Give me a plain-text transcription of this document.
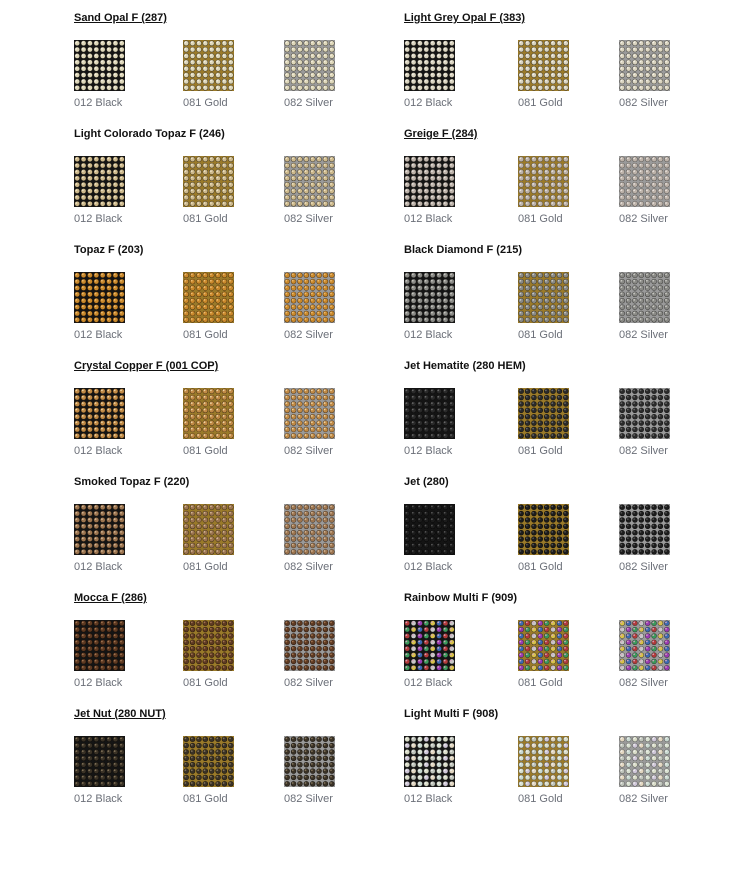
Sand Opal F (287)
012 Black	081 Gold	082 Silver
Light Grey Opal F (383)
012 Black	081 Gold	082 Silver
Light Colorado Topaz F (246)
012 Black	081 Gold	082 Silver
Greige F (284)
012 Black	081 Gold	082 Silver
Topaz F (203)
012 Black	081 Gold	082 Silver
Black Diamond F (215)
012 Black	081 Gold	082 Silver
Crystal Copper F (001 COP)
012 Black	081 Gold	082 Silver
Jet Hematite (280 HEM)
012 Black	081 Gold	082 Silver
Smoked Topaz F (220)
012 Black	081 Gold	082 Silver
Jet (280)
012 Black	081 Gold	082 Silver
Mocca F (286)
012 Black	081 Gold	082 Silver
Rainbow Multi F (909)
012 Black	081 Gold	082 Silver
Jet Nut (280 NUT)
012 Black	081 Gold	082 Silver
Light Multi F (908)
012 Black	081 Gold	082 Silver
